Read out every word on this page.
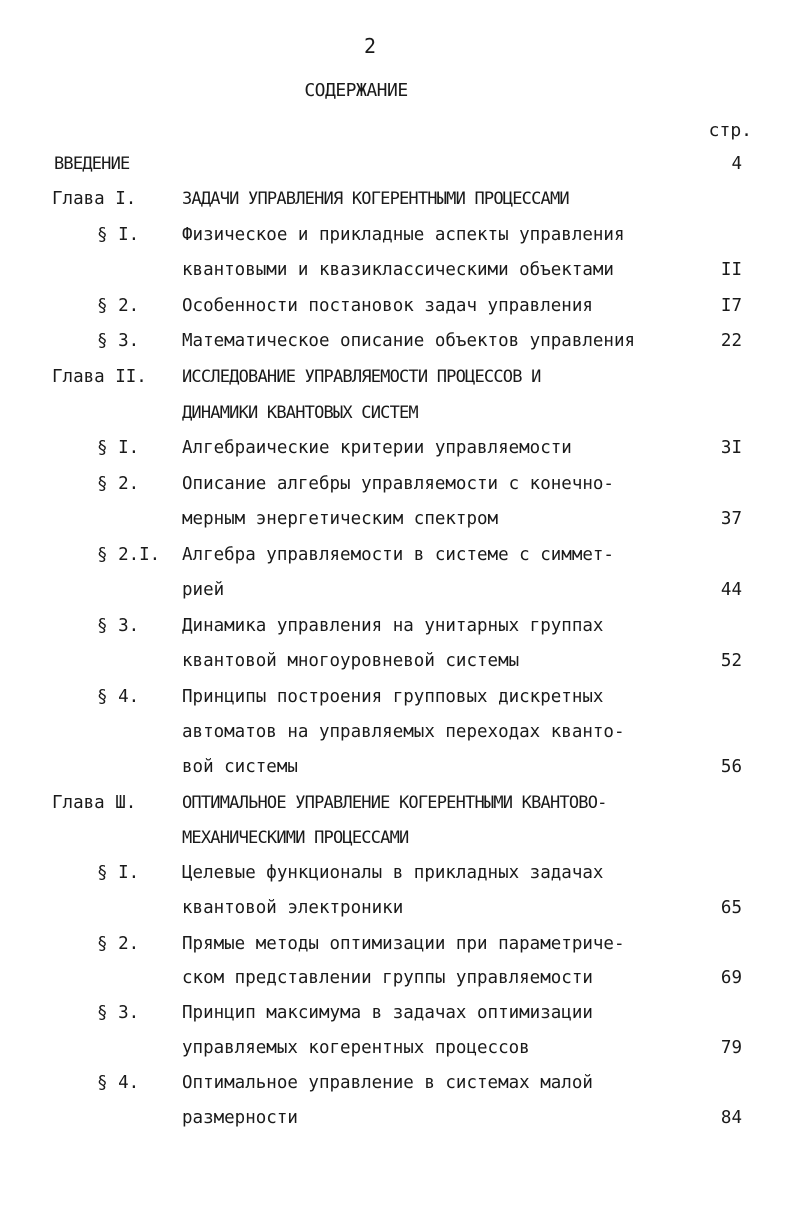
2
СОДЕРЖАНИЕ
стр.
ВВЕДЕНИЕ	4
Глава I.	ЗАДАЧИ УПРАВЛЕНИЯ КОГЕРЕНТНЫМИ ПРОЦЕССАМИ
§ I. Физическое и прикладные аспекты управления
квантовыми и квазиклассическими объектами	II
§ 2. Особенности постановок задач управления	I7
§ 3. Математическое описание объектов управления	22
Глава II. ИССЛЕДОВАНИЕ УПРАВЛЯЕМОСТИ ПРОЦЕССОВ И
ДИНАМИКИ КВАНТОВЫХ СИСТЕМ
§ I. Алгебраические критерии управляемости	3I
§ 2. Описание алгебры управляемости с конечно-
мерным энергетическим спектром	37
§ 2.I. Алгебра управляемости в системе с симмет-
рией	44
§ 3. Динамика управления на унитарных группах
квантовой многоуровневой системы	52
§ 4. Принципы построения групповых дискретных
автоматов на управляемых переходах кванто-
вой системы	56
Глава Ш.	ОПТИМАЛЬНОЕ УПРАВЛЕНИЕ КОГЕРЕНТНЫМИ КВАНТОВО-
МЕХАНИЧЕСКИМИ ПРОЦЕССАМИ
§ I. Целевые функционалы в прикладных задачах
квантовой электроники	65
§ 2. Прямые методы оптимизации при параметриче-
ском представлении группы управляемости	69
§ 3. Принцип максимума в задачах оптимизации
управляемых когерентных процессов	79
§ 4. Оптимальное управление в системах малой
размерности	84
